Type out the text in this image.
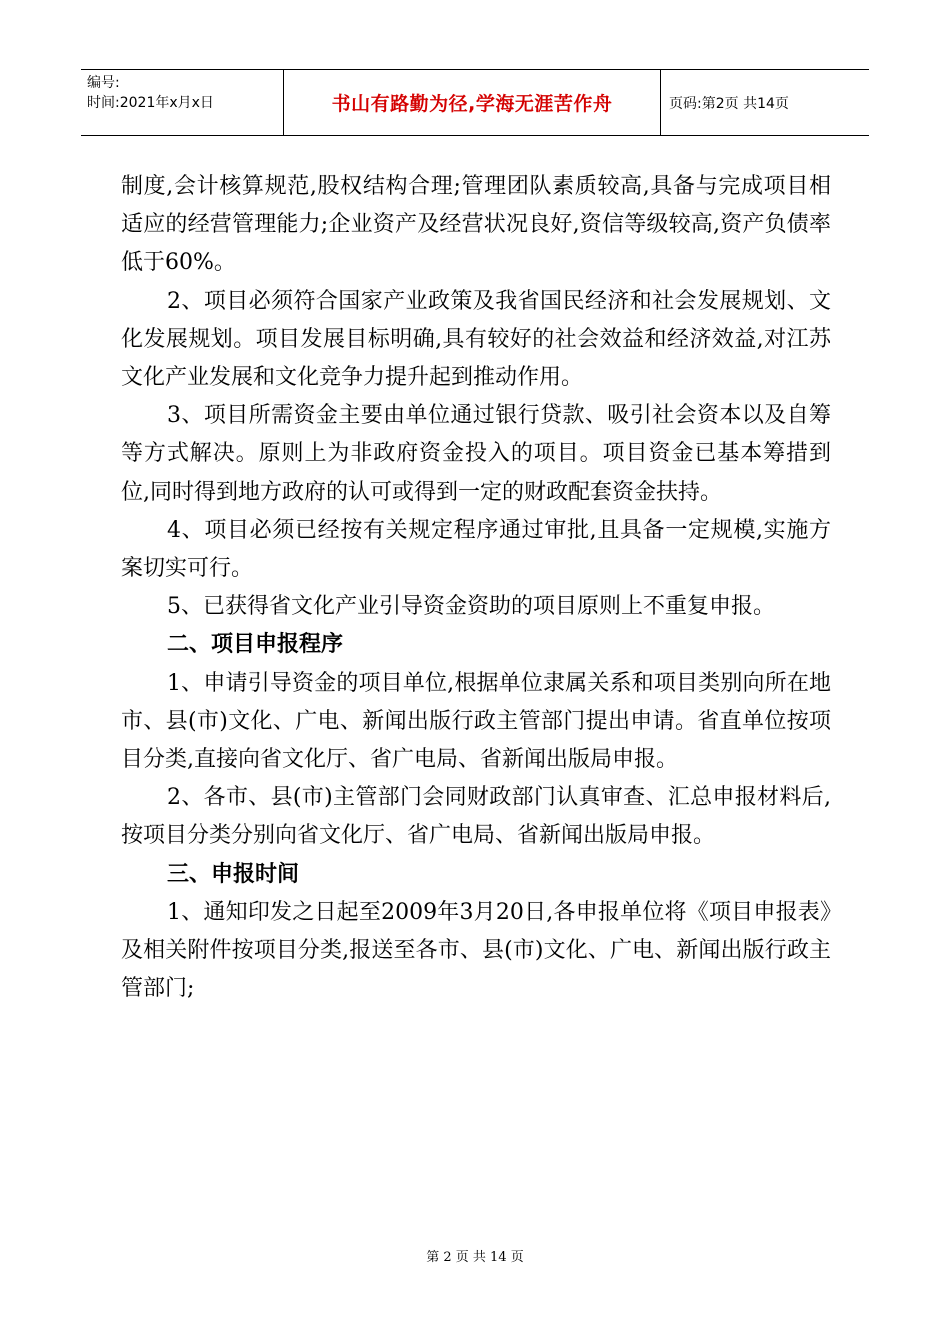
编号:
时间:2021年x月x日	书山有路勤为径,学海无涯苦作舟	页码:第2页 共14页

制度,会计核算规范,股权结构合理;管理团队素质较高,具备与完成项目相适应的经营管理能力;企业资产及经营状况良好,资信等级较高,资产负债率低于60%。

2、项目必须符合国家产业政策及我省国民经济和社会发展规划、文化发展规划。项目发展目标明确,具有较好的社会效益和经济效益,对江苏文化产业发展和文化竞争力提升起到推动作用。

3、项目所需资金主要由单位通过银行贷款、吸引社会资本以及自筹等方式解决。原则上为非政府资金投入的项目。项目资金已基本筹措到位,同时得到地方政府的认可或得到一定的财政配套资金扶持。

4、项目必须已经按有关规定程序通过审批,且具备一定规模,实施方案切实可行。

5、已获得省文化产业引导资金资助的项目原则上不重复申报。

二、项目申报程序

1、申请引导资金的项目单位,根据单位隶属关系和项目类别向所在地市、县(市)文化、广电、新闻出版行政主管部门提出申请。省直单位按项目分类,直接向省文化厅、省广电局、省新闻出版局申报。

2、各市、县(市)主管部门会同财政部门认真审查、汇总申报材料后,按项目分类分别向省文化厅、省广电局、省新闻出版局申报。

三、申报时间

1、通知印发之日起至2009年3月20日,各申报单位将《项目申报表》及相关附件按项目分类,报送至各市、县(市)文化、广电、新闻出版行政主管部门;

第 2 页 共 14 页
